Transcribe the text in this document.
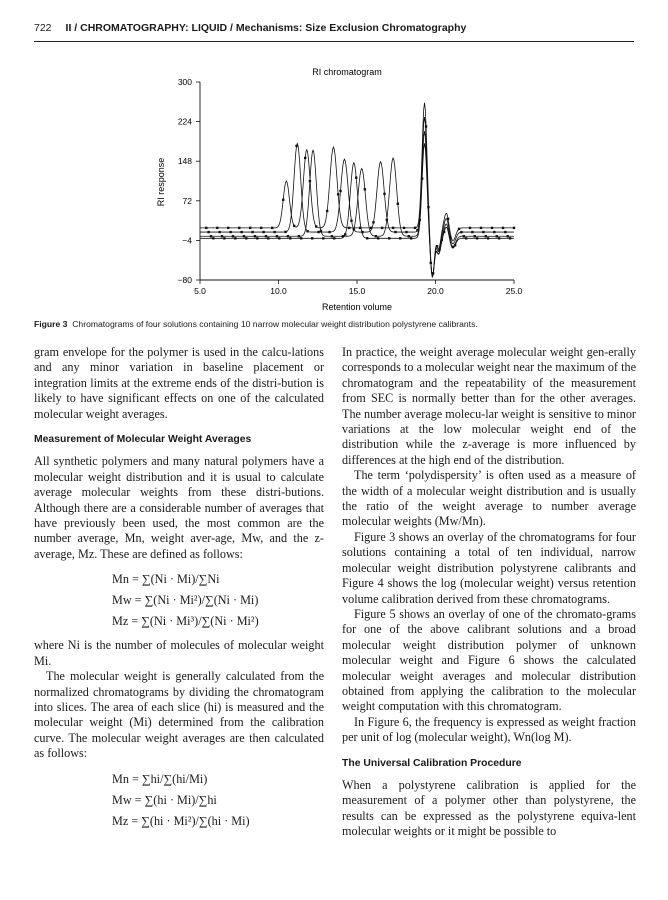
722 II / CHROMATOGRAPHY: LIQUID / Mechanisms: Size Exclusion Chromatography
RI chromatogram
RI response
Retention volume
5.0	10.0	15.0	20.0	25.0
300
224
148
72
−4
−80
Figure 3 Chromatograms of four solutions containing 10 narrow molecular weight distribution polystyrene calibrants.

gram envelope for the polymer is used in the calcu-lations and any minor variation in baseline placement or integration limits at the extreme ends of the distri-bution is likely to have significant effects on one of the calculated molecular weight averages.

Measurement of Molecular Weight Averages

All synthetic polymers and many natural polymers have a molecular weight distribution and it is usual to calculate average molecular weights from these distri-butions. Although there are a considerable number of averages that have previously been used, the most common are the number average, Mn, weight aver-age, Mw, and the z-average, Mz. These are defined as follows:

Mn = ∑(Ni · Mi)/∑Ni
Mw = ∑(Ni · Mi²)/∑(Ni · Mi)
Mz = ∑(Ni · Mi³)/∑(Ni · Mi²)

where Ni is the number of molecules of molecular weight Mi.

The molecular weight is generally calculated from the normalized chromatograms by dividing the chromatogram into slices. The area of each slice (hi) is measured and the molecular weight (Mi) determined from the calibration curve. The molecular weight averages are then calculated as follows:

Mn = ∑hi/∑(hi/Mi)
Mw = ∑(hi · Mi)/∑hi
Mz = ∑(hi · Mi²)/∑(hi · Mi)

In practice, the weight average molecular weight gen-erally corresponds to a molecular weight near the maximum of the chromatogram and the repeatability of the measurement from SEC is normally better than for the other averages. The number average molecu-lar weight is sensitive to minor variations at the low molecular weight end of the distribution while the z-average is more influenced by differences at the high end of the distribution.

The term ‘polydispersity’ is often used as a measure of the width of a molecular weight distribution and is usually the ratio of the weight average to number average molecular weights (Mw/Mn).

Figure 3 shows an overlay of the chromatograms for four solutions containing a total of ten individual, narrow molecular weight distribution polystyrene calibrants and Figure 4 shows the log (molecular weight) versus retention volume calibration derived from these chromatograms.

Figure 5 shows an overlay of one of the chromato-grams for one of the above calibrant solutions and a broad molecular weight distribution polymer of unknown molecular weight and Figure 6 shows the calculated molecular weight averages and molecular distribution obtained from applying the calibration to the molecular weight computation with this chromatogram.

In Figure 6, the frequency is expressed as weight fraction per unit of log (molecular weight), Wn(log M).

The Universal Calibration Procedure

When a polystyrene calibration is applied for the measurement of a polymer other than polystyrene, the results can be expressed as the polystyrene equiva-lent molecular weights or it might be possible to
